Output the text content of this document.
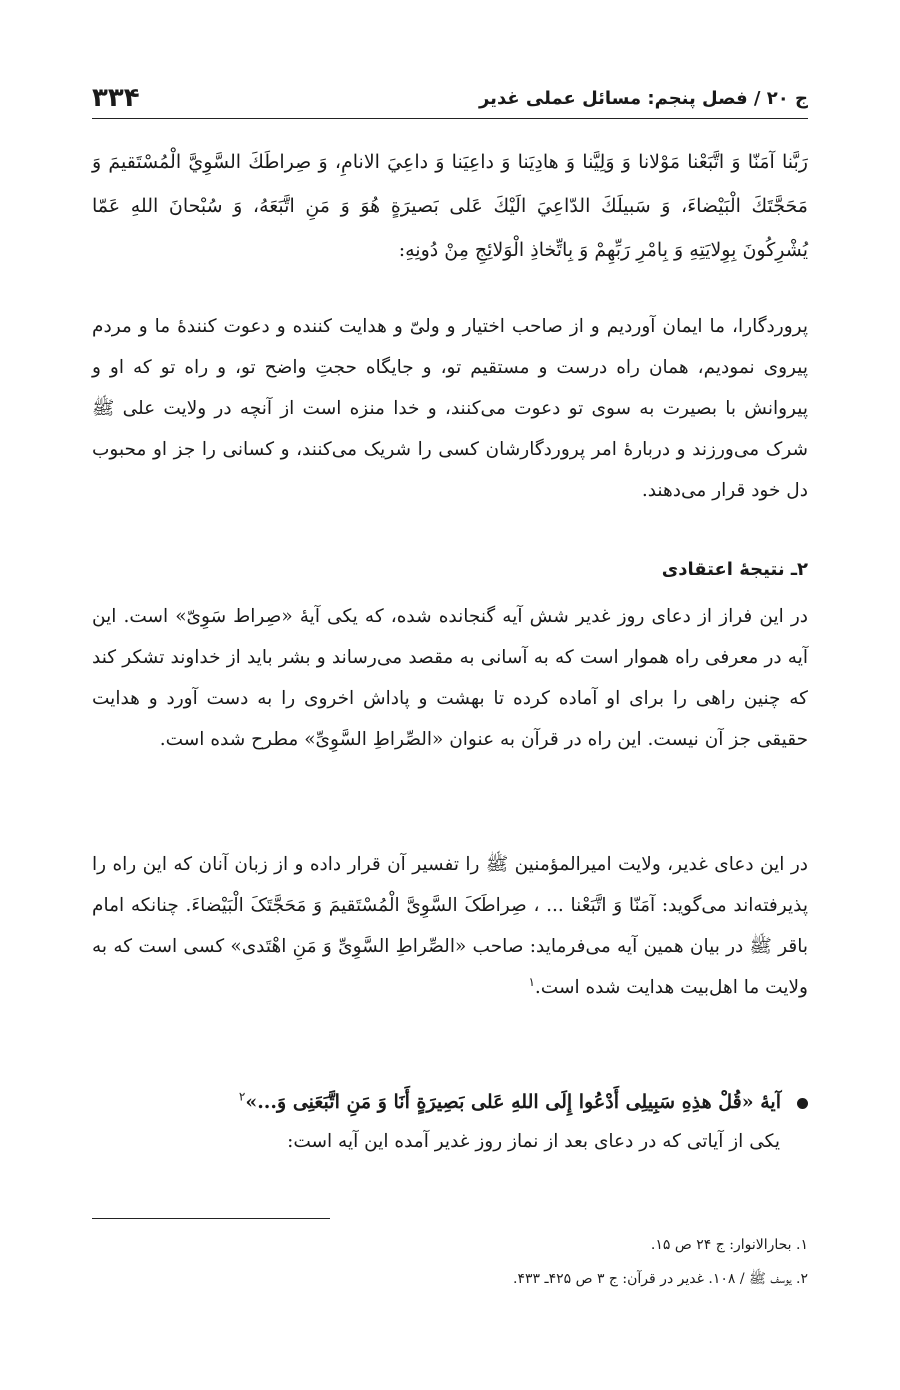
ج ۲۰ / فصل پنجم: مسائل عملی غدیر
۳۳۴
رَبَّنا آمَنّا وَ اتَّبَعْنا مَوْلانا وَ وَلِيَّنا وَ هادِيَنا وَ داعِيَنا وَ داعِيَ الانامِ، وَ صِراطَكَ السَّوِيَّ الْمُسْتَقيمَ وَ مَحَجَّتَكَ الْبَيْضاءَ، وَ سَبيلَكَ الدّاعِيَ الَيْكَ عَلى بَصيرَةٍ هُوَ وَ مَنِ اتَّبَعَهُ، وَ سُبْحانَ اللهِ عَمّا يُشْرِكُونَ بِوِلايَتِهِ وَ بِامْرِ رَبِّهِمْ وَ بِاتِّخاذِ الْوَلائِجِ مِنْ دُونِهِ:

پروردگارا، ما ایمان آوردیم و از صاحب اختیار و ولیّ و هدایت کننده و دعوت کنندهٔ ما و مردم پیروی نمودیم، همان راه درست و مستقیم تو، و جایگاه حجتِ واضح تو، و راه تو که او و پیروانش با بصیرت به سوی تو دعوت می‌کنند، و خدا منزه است از آنچه در ولایت علی ﷺ شرک می‌ورزند و دربارهٔ امر پروردگارشان کسی را شریک می‌کنند، و کسانی را جز او محبوب دل خود قرار می‌دهند.

۲ـ نتیجهٔ اعتقادی

در این فراز از دعای روز غدیر شش آیه گنجانده شده، که یکی آیهٔ «صِراط سَوِیّ» است. این آیه در معرفی راه هموار است که به آسانی به مقصد می‌رساند و بشر باید از خداوند تشکر کند که چنین راهی را برای او آماده کرده تا بهشت و پاداش اخروی را به دست آورد و هدایت حقیقی جز آن نیست. این راه در قرآن به عنوان «الصِّراطِ السَّوِیِّ» مطرح شده است.

در این دعای غدیر، ولایت امیرالمؤمنین ﷺ را تفسیر آن قرار داده و از زبان آنان که این راه را پذیرفته‌اند می‌گوید: آمَنّا وَ اتَّبَعْنا ... ، صِراطَکَ السَّوِیَّ الْمُسْتَقیمَ وَ مَحَجَّتَکَ الْبَیْضاءَ. چنانکه امام باقر ﷺ در بیان همین آیه می‌فرماید: صاحب «الصِّراطِ السَّوِیِّ وَ مَنِ اهْتَدی» کسی است که به ولایت ما اهل‌بیت هدایت شده است.$^۱$

آیهٔ «قُلْ هذِهِ سَبِیلِی أَدْعُوا إِلَی اللهِ عَلی بَصِیرَةٍ أَنَا وَ مَنِ اتَّبَعَنِی وَ...»$^۲$
یکی از آیاتی که در دعای بعد از نماز روز غدیر آمده این آیه است:

۱. بحارالانوار: ج ۲۴ ص ۱۵.

۲. یوسف ﷺ / ۱۰۸. غدیر در قرآن: ج ۳ ص ۴۲۵ـ ۴۳۳.
